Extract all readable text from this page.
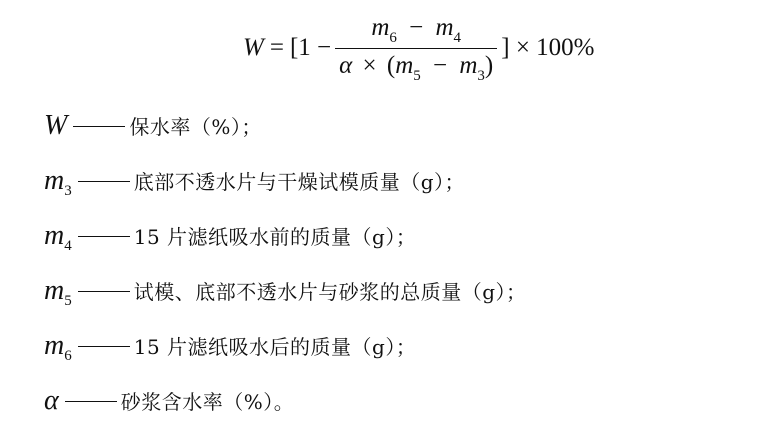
$W = [1 - \frac{m_6 - m_4}{\alpha \times (m_5 - m_3)}$ ] × 100%
W	保水率（%）；
m 3	底部不透水片与干燥试模质量（g）；
m 4	15 片滤纸吸水前的质量（g）；
m 5	试模、底部不透水片与砂浆的总质量（g）；
m 6	15 片滤纸吸水后的质量（g）；
α	砂浆含水率（%）。
